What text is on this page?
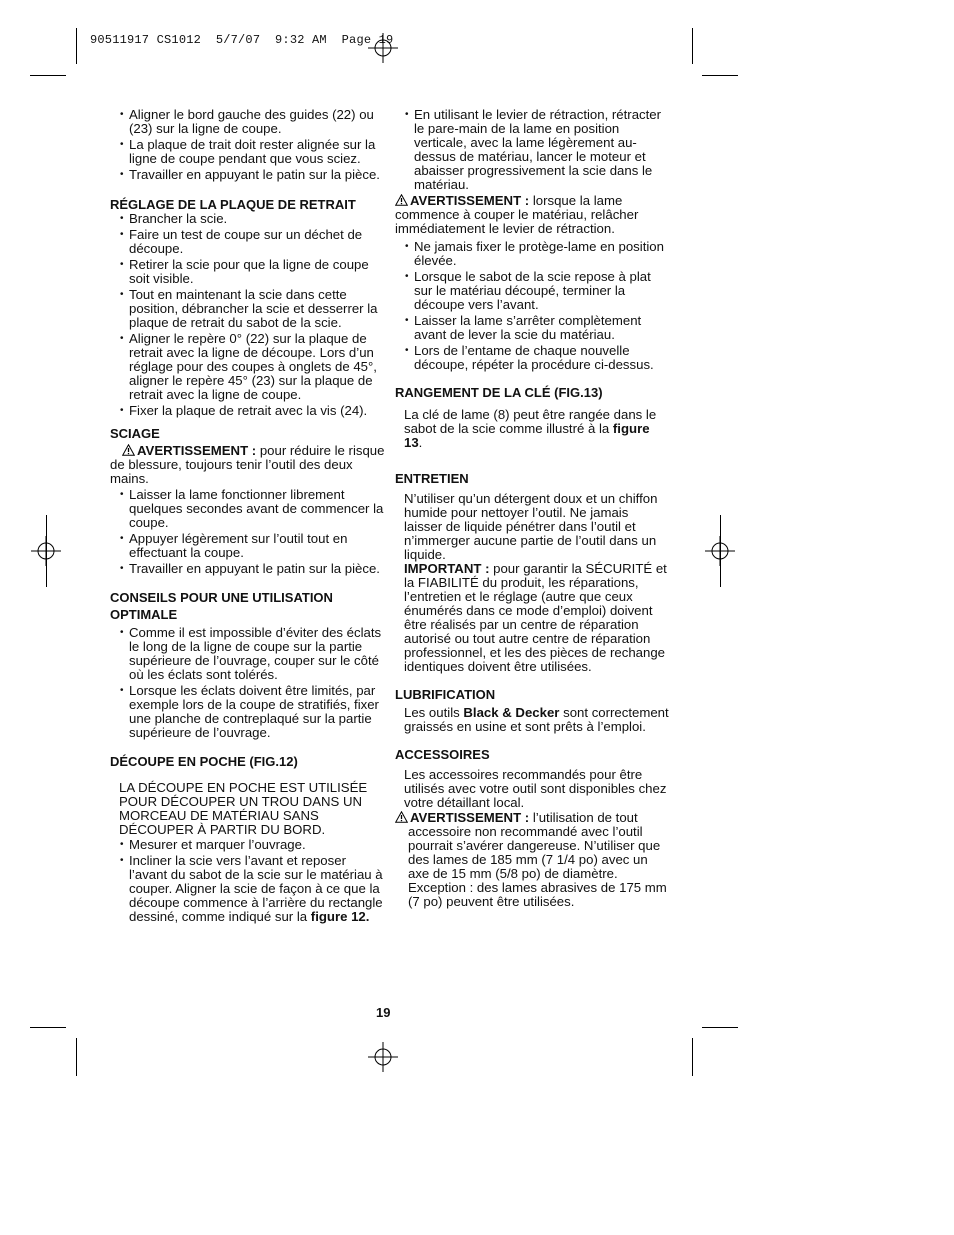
90511917 CS1012  5/7/07  9:32 AM  Page 19
• Aligner le bord gauche des guides (22) ou (23) sur la ligne de coupe.
• La plaque de trait doit rester alignée sur la ligne de coupe pendant que vous sciez.
• Travailler en appuyant le patin sur la pièce.

RÉGLAGE DE LA PLAQUE DE RETRAIT

• Brancher la scie.
• Faire un test de coupe sur un déchet de découpe.
• Retirer la scie pour que la ligne de coupe soit visible.
• Tout en maintenant la scie dans cette position, débrancher la scie et desserrer la plaque de retrait du sabot de la scie.
• Aligner le repère 0° (22) sur la plaque de retrait avec la ligne de découpe. Lors d’un réglage pour des coupes à onglets de 45°, aligner le repère 45° (23) sur la plaque de retrait avec la ligne de coupe.
• Fixer la plaque de retrait avec la vis (24).

SCIAGE

AVERTISSEMENT : pour réduire le risque de blessure, toujours tenir l’outil des deux mains.

• Laisser la lame fonctionner librement quelques secondes avant de commencer la coupe.
• Appuyer légèrement sur l’outil tout en effectuant la coupe.
• Travailler en appuyant le patin sur la pièce.

CONSEILS POUR UNE UTILISATION

OPTIMALE

• Comme il est impossible d’éviter des éclats le long de la ligne de coupe sur la partie supérieure de l’ouvrage, couper sur le côté où les éclats sont tolérés.
• Lorsque les éclats doivent être limités, par exemple lors de la coupe de stratifiés, fixer une planche de contreplaqué sur la partie supérieure de l’ouvrage.

DÉCOUPE EN POCHE (FIG.12)

LA DÉCOUPE EN POCHE EST UTILISÉE POUR DÉCOUPER UN TROU DANS UN MORCEAU DE MATÉRIAU SANS DÉCOUPER À PARTIR DU BORD.

• Mesurer et marquer l’ouvrage.
• Incliner la scie vers l’avant et reposer l’avant du sabot de la scie sur le matériau à couper. Aligner la scie de façon à ce que la découpe commence à l’arrière du rectangle dessiné, comme indiqué sur la figure 12.
• En utilisant le levier de rétraction, rétracter le pare-main de la lame en position verticale, avec la lame légèrement au-dessus de matériau, lancer le moteur et abaisser progressivement la scie dans le matériau.

AVERTISSEMENT : lorsque la lame commence à couper le matériau, relâcher immédiatement le levier de rétraction.

• Ne jamais fixer le protège-lame en position élevée.
• Lorsque le sabot de la scie repose à plat sur le matériau découpé, terminer la découpe vers l’avant.
• Laisser la lame s’arrêter complètement avant de lever la scie du matériau.
• Lors de l’entame de chaque nouvelle découpe, répéter la procédure ci-dessus.

RANGEMENT DE LA CLÉ (FIG.13)

La clé de lame (8) peut être rangée dans le sabot de la scie comme illustré à la figure 13.

ENTRETIEN

N’utiliser qu’un détergent doux et un chiffon humide pour nettoyer l’outil. Ne jamais laisser de liquide pénétrer dans l’outil et n’immerger aucune partie de l’outil dans un liquide.

IMPORTANT : pour garantir la SÉCURITÉ et la FIABILITÉ du produit, les réparations, l’entretien et le réglage (autre que ceux énumérés dans ce mode d’emploi) doivent être réalisés par un centre de réparation autorisé ou tout autre centre de réparation professionnel, et les des pièces de rechange identiques doivent être utilisées.

LUBRIFICATION

Les outils Black & Decker sont correctement graissés en usine et sont prêts à l’emploi.

ACCESSOIRES

Les accessoires recommandés pour être utilisés avec votre outil sont disponibles chez votre détaillant local.

AVERTISSEMENT : l’utilisation de tout accessoire non recommandé avec l’outil pourrait s’avérer dangereuse. N’utiliser que des lames de 185 mm (7 1/4 po) avec un axe de 15 mm (5/8 po) de diamètre. Exception : des lames abrasives de 175 mm (7 po) peuvent être utilisées.

19
